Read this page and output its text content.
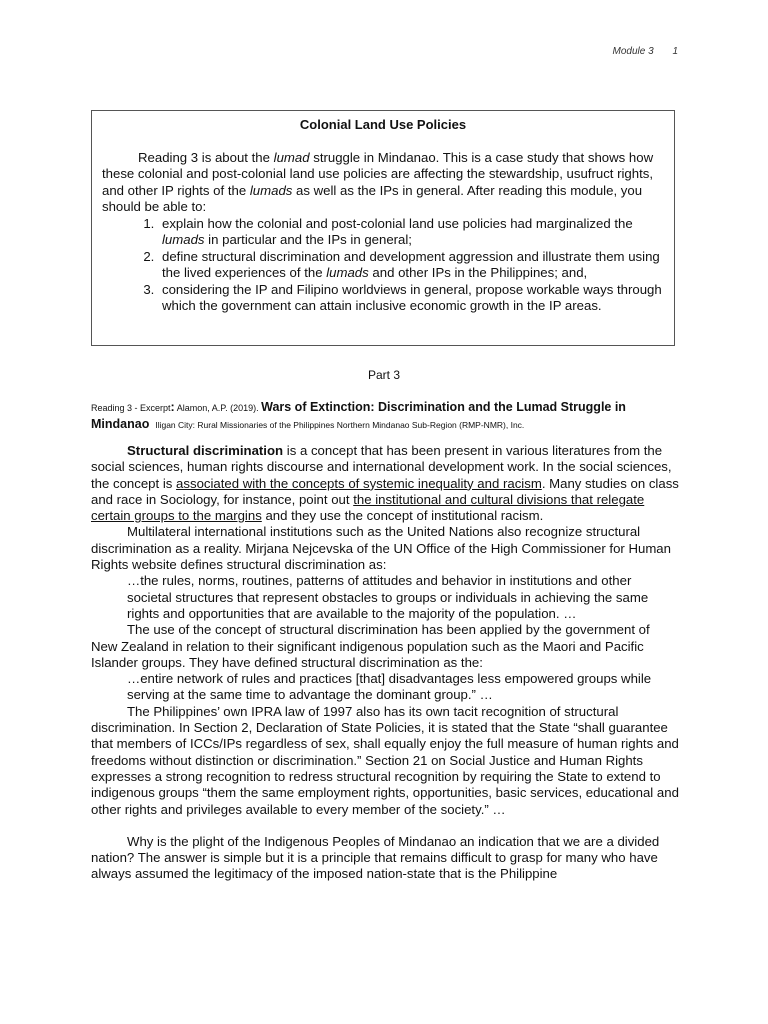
Module 3 1
Colonial Land Use Policies

Reading 3 is about the lumad struggle in Mindanao. This is a case study that shows how these colonial and post-colonial land use policies are affecting the stewardship, usufruct rights, and other IP rights of the lumads as well as the IPs in general. After reading this module, you should be able to:

1. explain how the colonial and post-colonial land use policies had marginalized the lumads in particular and the IPs in general;
2. define structural discrimination and development aggression and illustrate them using the lived experiences of the lumads and other IPs in the Philippines; and,
3. considering the IP and Filipino worldviews in general, propose workable ways through which the government can attain inclusive economic growth in the IP areas.
Part 3
Reading 3 - Excerpt: Alamon, A.P. (2019). Wars of Extinction: Discrimination and the Lumad Struggle in Mindanao Iligan City: Rural Missionaries of the Philippines Northern Mindanao Sub-Region (RMP-NMR), Inc.

Structural discrimination is a concept that has been present in various literatures from the social sciences, human rights discourse and international development work. In the social sciences, the concept is associated with the concepts of systemic inequality and racism. Many studies on class and race in Sociology, for instance, point out the institutional and cultural divisions that relegate certain groups to the margins and they use the concept of institutional racism.

Multilateral international institutions such as the United Nations also recognize structural discrimination as a reality. Mirjana Nejcevska of the UN Office of the High Commissioner for Human Rights website defines structural discrimination as:

…the rules, norms, routines, patterns of attitudes and behavior in institutions and other societal structures that represent obstacles to groups or individuals in achieving the same rights and opportunities that are available to the majority of the population. …

The use of the concept of structural discrimination has been applied by the government of New Zealand in relation to their significant indigenous population such as the Maori and Pacific Islander groups. They have defined structural discrimination as the:

…entire network of rules and practices [that] disadvantages less empowered groups while serving at the same time to advantage the dominant group.” …

The Philippines’ own IPRA law of 1997 also has its own tacit recognition of structural discrimination. In Section 2, Declaration of State Policies, it is stated that the State “shall guarantee that members of ICCs/IPs regardless of sex, shall equally enjoy the full measure of human rights and freedoms without distinction or discrimination.” Section 21 on Social Justice and Human Rights expresses a strong recognition to redress structural recognition by requiring the State to extend to indigenous groups “them the same employment rights, opportunities, basic services, educational and other rights and privileges available to every member of the society.” …

Why is the plight of the Indigenous Peoples of Mindanao an indication that we are a divided nation? The answer is simple but it is a principle that remains difficult to grasp for many who have always assumed the legitimacy of the imposed nation-state that is the Philippine
